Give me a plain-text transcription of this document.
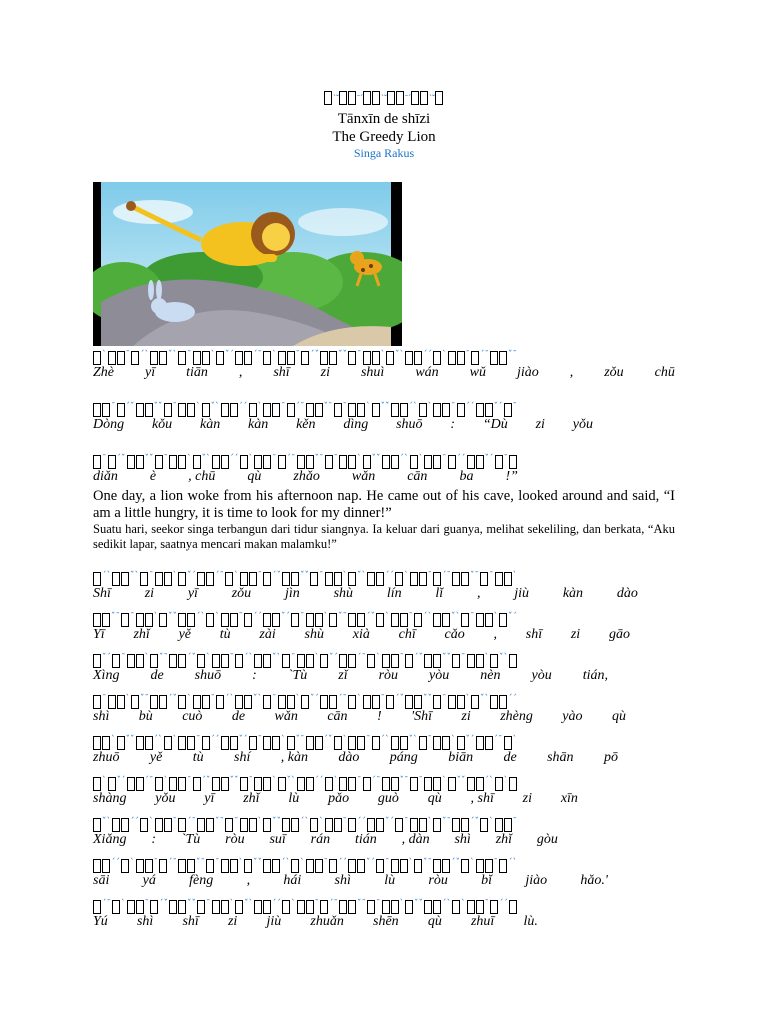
$^{ˋˇ}$ $^{ˉˊ}$ $^{ˋˇ}$ $^{ˉˊ}$ $^{ˋˇ}$
Tānxīn de shīzi
The Greedy Lion
Singa Rakus
$^ˋ$ $^ˉ$ $^{ˊˋ}$ $^{ˇˋ}$ $^ˉ$ $^ˋ$ $^{ˇˊ}$ $^{ˊˉ}$ $^ˋ$ $^ˉ$ $^{ˊˇ}$ $^{ˇˇ}$ $^ˉ$ $^ˋ$ $^{ˇˋ}$ $^{ˊˊ}$ $^ˋ$ $^ˉ$ $^{ˊˉ}$ $^{ˇˉ}$
Zhè yī tiān , shī zi shuì wán wǔ jiào , zǒu chū
$^ˉ$ $^{ˊˇ}$ $^{ˇˇ}$ $^ˉ$ $^ˋ$ $^{ˇˋ}$ $^{ˊˊ}$ $^ˋ$ $^ˉ$ $^{ˊˉ}$ $^{ˇˉ}$ $^ˉ$ $^ˋ$ $^{ˇˇ}$ $^{ˊˋ}$ $^ˋ$ $^ˉ$ $^{ˊˊ}$ $^{ˇˊ}$ $^ˉ$
Dòng kǒu kàn kàn kěn dìng shuō : “Dù zi yǒu
$^ˉ$ $^{ˊˇ}$ $^{ˇˇ}$ $^ˉ$ $^ˋ$ $^{ˇˋ}$ $^{ˊˊ}$ $^ˋ$ $^ˉ$ $^{ˊˉ}$ $^{ˇˉ}$ $^ˉ$ $^ˋ$ $^{ˇˇ}$ $^{ˊˋ}$ $^ˋ$ $^ˉ$ $^{ˊˊ}$ $^{ˇˊ}$ $^ˉ$
diǎn è , chū qù zhǎo wǎn cān ba !”
One day, a lion woke from his afternoon nap. He came out of his cave, looked around and said, “I am a little hungry, it is time to look for my dinner!”
Suatu hari, seekor singa terbangun dari tidur siangnya. Ia keluar dari guanya, melihat sekeliling, dan berkata, “Aku sedikit lapar, saatnya mencari makan malamku!”
$^{ˊˋ}$ $^{ˇˋ}$ $^ˉ$ $^ˋ$ $^{ˇˊ}$ $^{ˊˉ}$ $^ˋ$ $^ˉ$ $^{ˊˇ}$ $^{ˇˇ}$ $^ˉ$ $^ˋ$ $^{ˇˋ}$ $^{ˊˊ}$ $^ˋ$ $^ˉ$ $^{ˊˉ}$ $^{ˇˉ}$ $^ˉ$ $^ˋ$
Shī zi yī zǒu jìn shù lín lǐ , jiù kàn dào
$^{ˇˉ}$ $^ˉ$ $^ˋ$ $^{ˇˇ}$ $^{ˊˋ}$ $^ˋ$ $^ˉ$ $^{ˊˊ}$ $^{ˇˊ}$ $^ˉ$ $^ˋ$ $^{ˇˉ}$ $^{ˊˇ}$ $^ˋ$ $^ˉ$ $^{ˊˋ}$ $^{ˇˋ}$ $^ˉ$ $^ˋ$ $^{ˇˊ}$
Yī zhǐ yě tù zài shù xià chī cǎo , shī zi gāo
$^{ˇˊ}$ $^ˉ$ $^ˋ$ $^{ˇˉ}$ $^{ˊˇ}$ $^ˋ$ $^ˉ$ $^{ˊˋ}$ $^{ˇˋ}$ $^ˉ$ $^ˋ$ $^{ˇˊ}$ $^{ˊˉ}$ $^ˋ$ $^ˉ$ $^{ˊˇ}$ $^{ˇˇ}$ $^ˉ$ $^ˋ$ $^{ˇˋ}$
Xìng de shuō : `Tù zǐ ròu yòu nèn yòu tián,
$^ˉ$ $^ˋ$ $^{ˇˉ}$ $^{ˊˇ}$ $^ˋ$ $^ˉ$ $^{ˊˋ}$ $^{ˇˋ}$ $^ˉ$ $^ˋ$ $^{ˇˊ}$ $^{ˊˉ}$ $^ˋ$ $^ˉ$ $^{ˊˇ}$ $^{ˇˇ}$ $^ˉ$ $^ˋ$ $^{ˇˋ}$ $^{ˊˊ}$
shì bù cuò de wǎn cān ! 'Shī zi zhèng yào qù
$^ˋ$ $^{ˇˇ}$ $^{ˊˋ}$ $^ˋ$ $^ˉ$ $^{ˊˊ}$ $^{ˇˊ}$ $^ˉ$ $^ˋ$ $^{ˇˉ}$ $^{ˊˇ}$ $^ˋ$ $^ˉ$ $^{ˊˋ}$ $^{ˇˋ}$ $^ˉ$ $^ˋ$ $^{ˇˊ}$ $^{ˊˉ}$ $^ˋ$
zhuō yě tù shí , kàn dào páng biān de shān pō
$^ˋ$ $^{ˇˊ}$ $^{ˊˉ}$ $^ˋ$ $^ˉ$ $^{ˊˇ}$ $^{ˇˇ}$ $^ˉ$ $^ˋ$ $^{ˇˋ}$ $^{ˊˊ}$ $^ˋ$ $^ˉ$ $^{ˊˉ}$ $^{ˇˉ}$ $^ˉ$ $^ˋ$ $^{ˇˇ}$ $^{ˊˋ}$ $^ˋ$
shàng yǒu yī zhǐ lù pǎo guò qù , shī zi xīn
$^{ˇˋ}$ $^{ˊˊ}$ $^ˋ$ $^ˉ$ $^{ˊˉ}$ $^{ˇˉ}$ $^ˉ$ $^ˋ$ $^{ˇˇ}$ $^{ˊˋ}$ $^ˋ$ $^ˉ$ $^{ˊˊ}$ $^{ˇˊ}$ $^ˉ$ $^ˋ$ $^{ˇˉ}$ $^{ˊˇ}$ $^ˋ$ $^ˉ$
Xiǎng : `Tù ròu suī rán tián , dàn shì zhǐ gòu
$^{ˊˊ}$ $^ˋ$ $^ˉ$ $^{ˊˉ}$ $^{ˇˉ}$ $^ˉ$ $^ˋ$ $^{ˇˇ}$ $^{ˊˋ}$ $^ˋ$ $^ˉ$ $^{ˊˊ}$ $^{ˇˊ}$ $^ˉ$ $^ˋ$ $^{ˇˉ}$ $^{ˊˇ}$ $^ˋ$ $^ˉ$ $^{ˊˋ}$
sāi yá fèng , hái shì lù ròu bǐ jiào hǎo.'
$^{ˊˉ}$ $^ˋ$ $^ˉ$ $^{ˊˇ}$ $^{ˇˇ}$ $^ˉ$ $^ˋ$ $^{ˇˋ}$ $^{ˊˊ}$ $^ˋ$ $^ˉ$ $^{ˊˉ}$ $^{ˇˉ}$ $^ˉ$ $^ˋ$ $^{ˇˇ}$ $^{ˊˋ}$ $^ˋ$ $^ˉ$ $^{ˊˊ}$
Yú shì shī zi jiù zhuǎn shēn qù zhuī lù.
